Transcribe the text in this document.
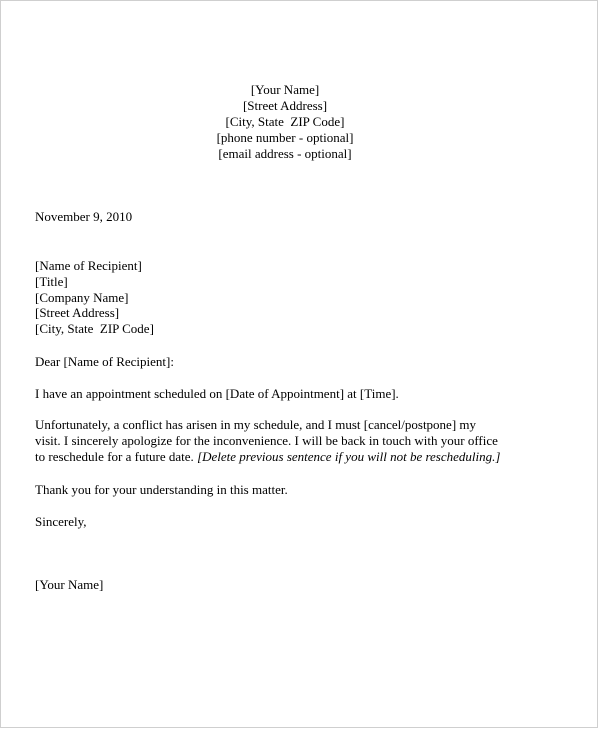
[Your Name]
[Street Address]
[City, State  ZIP Code]
[phone number - optional]
[email address - optional]
November 9, 2010
[Name of Recipient]
[Title]
[Company Name]
[Street Address]
[City, State  ZIP Code]
Dear [Name of Recipient]:
I have an appointment scheduled on [Date of Appointment] at [Time].
Unfortunately, a conflict has arisen in my schedule, and I must [cancel/postpone] my
visit. I sincerely apologize for the inconvenience. I will be back in touch with your office
to reschedule for a future date. [Delete previous sentence if you will not be rescheduling.]
Thank you for your understanding in this matter.
Sincerely,
[Your Name]
